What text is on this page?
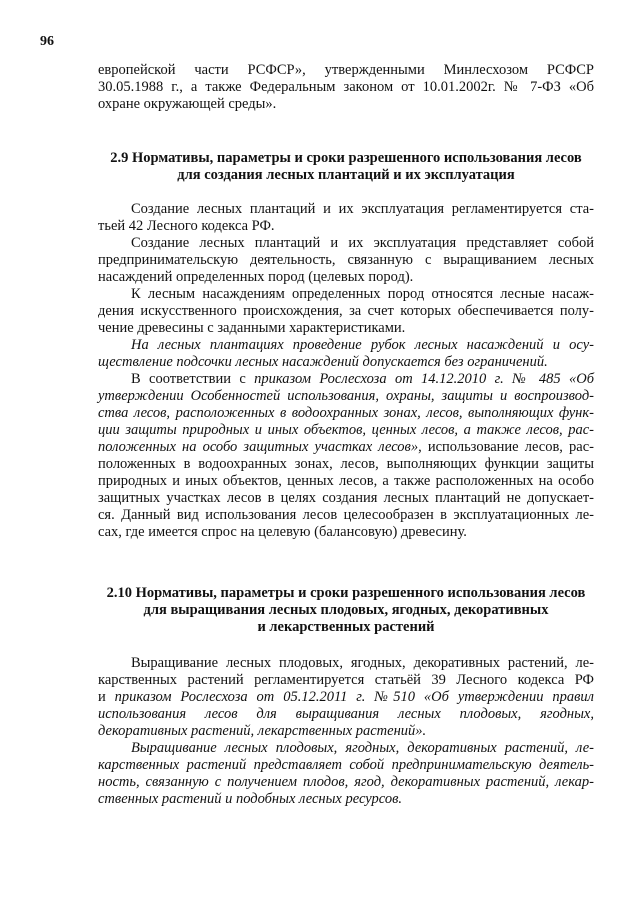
96
европейской части РСФСР», утвержденными Минлесхозом РСФСР
30.05.1988 г., а также Федеральным законом от 10.01.2002г. № 7-ФЗ «Об
охране окружающей среды».
2.9 Нормативы, параметры и сроки разрешенного использования лесов
для создания лесных плантаций и их эксплуатация
Создание лесных плантаций и их эксплуатация регламентируется ста-
тьей 42 Лесного кодекса РФ.
Создание лесных плантаций и их эксплуатация представляет собой
предпринимательскую деятельность, связанную с выращиванием лесных
насаждений определенных пород (целевых пород).
К лесным насаждениям определенных пород относятся лесные насаж-
дения искусственного происхождения, за счет которых обеспечивается полу-
чение древесины с заданными характеристиками.
На лесных плантациях проведение рубок лесных насаждений и осу-
ществление подсочки лесных насаждений допускается без ограничений.
В соответствии с приказом Рослесхоза от 14.12.2010 г. № 485 «Об
утверждении Особенностей использования, охраны, защиты и воспроизвод-
ства лесов, расположенных в водоохранных зонах, лесов, выполняющих функ-
ции защиты природных и иных объектов, ценных лесов, а также лесов, рас-
положенных на особо защитных участках лесов», использование лесов, рас-
положенных в водоохранных зонах, лесов, выполняющих функции защиты
природных и иных объектов, ценных лесов, а также расположенных на особо
защитных участках лесов в целях создания лесных плантаций не допускает-
ся. Данный вид использования лесов целесообразен в эксплуатационных ле-
сах, где имеется спрос на целевую (балансовую) древесину.
2.10 Нормативы, параметры и сроки разрешенного использования лесов
для выращивания лесных плодовых, ягодных, декоративных
и лекарственных растений
Выращивание лесных плодовых, ягодных, декоративных растений, ле-
карственных растений регламентируется статьёй 39 Лесного кодекса РФ
и приказом Рослесхоза от 05.12.2011 г. №510 «Об утверждении правил
использования лесов для выращивания лесных плодовых, ягодных,
декоративных растений, лекарственных растений».
Выращивание лесных плодовых, ягодных, декоративных растений, ле-
карственных растений представляет собой предпринимательскую деятель-
ность, связанную с получением плодов, ягод, декоративных растений, лекар-
ственных растений и подобных лесных ресурсов.
